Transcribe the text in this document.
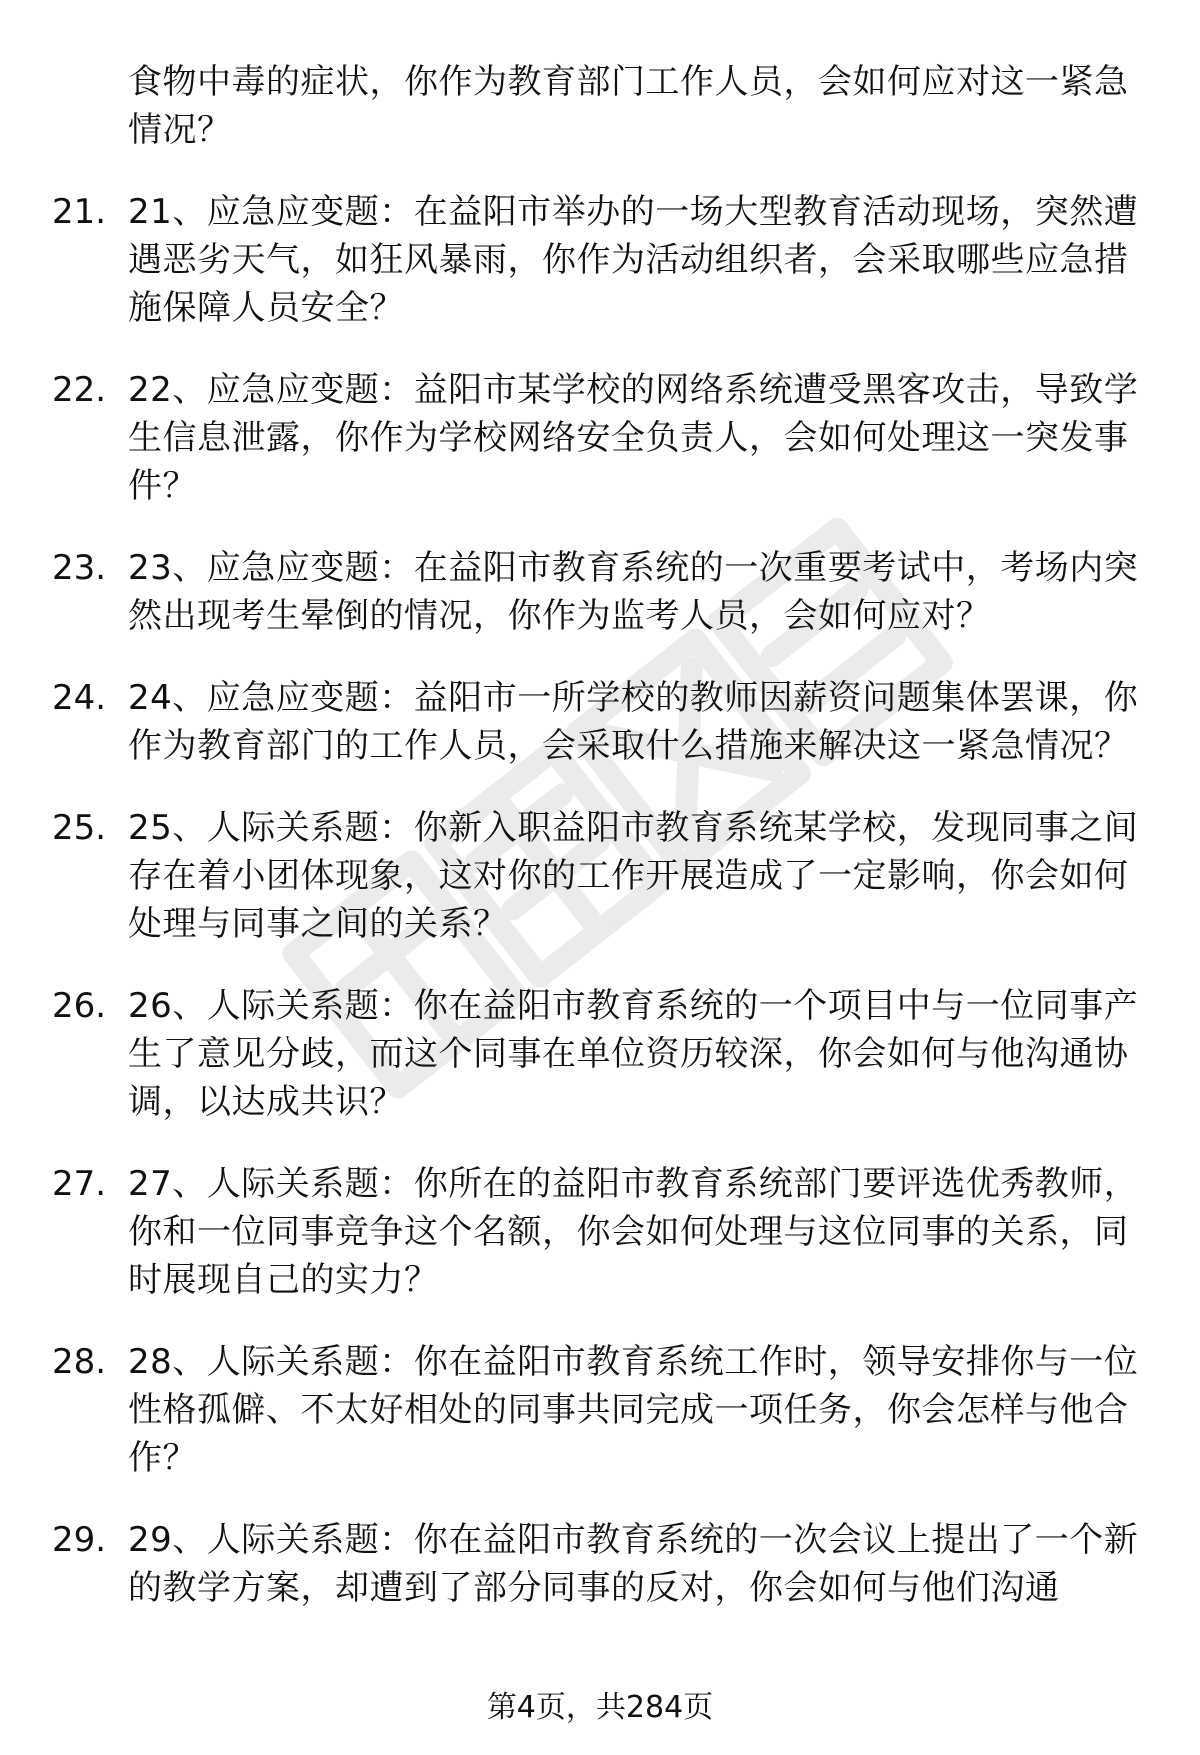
食物中毒的症状，你作为教育部门工作人员，会如何应对这一紧急情况？
21. 21、应急应变题：在益阳市举办的一场大型教育活动现场，突然遭遇恶劣天气，如狂风暴雨，你作为活动组织者，会采取哪些应急措施保障人员安全？
22. 22、应急应变题：益阳市某学校的网络系统遭受黑客攻击，导致学生信息泄露，你作为学校网络安全负责人，会如何处理这一突发事件？
23. 23、应急应变题：在益阳市教育系统的一次重要考试中，考场内突然出现考生晕倒的情况，你作为监考人员，会如何应对？
24. 24、应急应变题：益阳市一所学校的教师因薪资问题集体罢课，你作为教育部门的工作人员，会采取什么措施来解决这一紧急情况？
25. 25、人际关系题：你新入职益阳市教育系统某学校，发现同事之间存在着小团体现象，这对你的工作开展造成了一定影响，你会如何处理与同事之间的关系？
26. 26、人际关系题：你在益阳市教育系统的一个项目中与一位同事产生了意见分歧，而这个同事在单位资历较深，你会如何与他沟通协调，以达成共识？
27. 27、人际关系题：你所在的益阳市教育系统部门要评选优秀教师，你和一位同事竞争这个名额，你会如何处理与这位同事的关系，同时展现自己的实力？
28. 28、人际关系题：你在益阳市教育系统工作时，领导安排你与一位性格孤僻、不太好相处的同事共同完成一项任务，你会怎样与他合作？
29. 29、人际关系题：你在益阳市教育系统的一次会议上提出了一个新的教学方案，却遭到了部分同事的反对，你会如何与他们沟通
第4页，共284页
